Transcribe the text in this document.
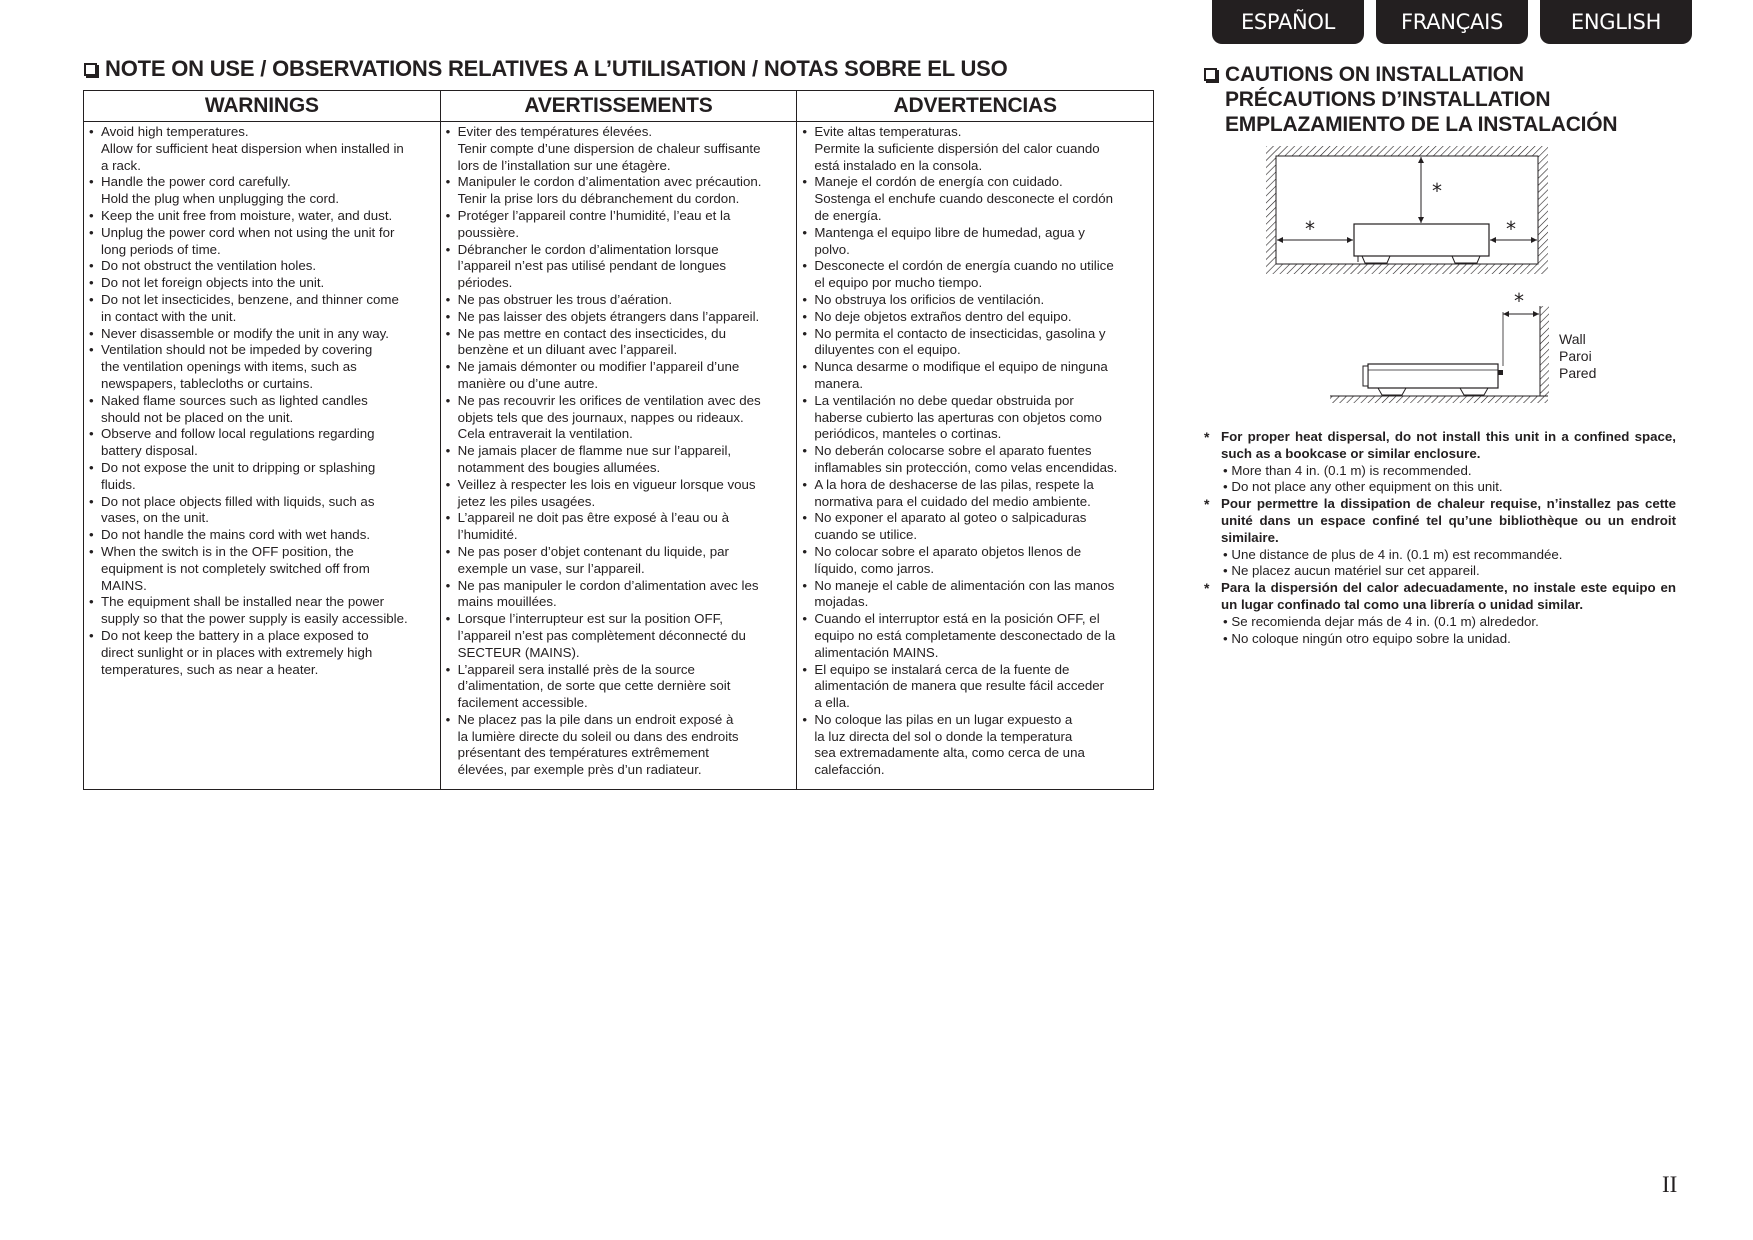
ESPAÑOL	FRANÇAIS	ENGLISH
NOTE ON USE / OBSERVATIONS RELATIVES A L’UTILISATION / NOTAS SOBRE EL USO
WARNINGS
• Avoid high temperatures.
Allow for sufficient heat dispersion when installed in
a rack.
• Handle the power cord carefully.
Hold the plug when unplugging the cord.
• Keep the unit free from moisture, water, and dust.
• Unplug the power cord when not using the unit for
long periods of time.
• Do not obstruct the ventilation holes.
• Do not let foreign objects into the unit.
• Do not let insecticides, benzene, and thinner come
in contact with the unit.
• Never disassemble or modify the unit in any way.
• Ventilation should not be impeded by covering
the ventilation openings with items, such as
newspapers, tablecloths or curtains.
• Naked flame sources such as lighted candles
should not be placed on the unit.
• Observe and follow local regulations regarding
battery disposal.
• Do not expose the unit to dripping or splashing
fluids.
• Do not place objects filled with liquids, such as
vases, on the unit.
• Do not handle the mains cord with wet hands.
• When the switch is in the OFF position, the
equipment is not completely switched off from
MAINS.
• The equipment shall be installed near the power
supply so that the power supply is easily accessible.
• Do not keep the battery in a place exposed to
direct sunlight or in places with extremely high
temperatures, such as near a heater.
AVERTISSEMENTS
• Eviter des températures élevées.
Tenir compte d’une dispersion de chaleur suffisante
lors de l’installation sur une étagère.
• Manipuler le cordon d’alimentation avec précaution.
Tenir la prise lors du débranchement du cordon.
• Protéger l’appareil contre l’humidité, l’eau et la
poussière.
• Débrancher le cordon d’alimentation lorsque
l’appareil n’est pas utilisé pendant de longues
périodes.
• Ne pas obstruer les trous d’aération.
• Ne pas laisser des objets étrangers dans l’appareil.
• Ne pas mettre en contact des insecticides, du
benzène et un diluant avec l’appareil.
• Ne jamais démonter ou modifier l’appareil d’une
manière ou d’une autre.
• Ne pas recouvrir les orifices de ventilation avec des
objets tels que des journaux, nappes ou rideaux.
Cela entraverait la ventilation.
• Ne jamais placer de flamme nue sur l’appareil,
notamment des bougies allumées.
• Veillez à respecter les lois en vigueur lorsque vous
jetez les piles usagées.
• L’appareil ne doit pas être exposé à l’eau ou à
l’humidité.
• Ne pas poser d’objet contenant du liquide, par
exemple un vase, sur l’appareil.
• Ne pas manipuler le cordon d’alimentation avec les
mains mouillées.
• Lorsque l’interrupteur est sur la position OFF,
l’appareil n’est pas complètement déconnecté du
SECTEUR (MAINS).
• L’appareil sera installé près de la source
d’alimentation, de sorte que cette dernière soit
facilement accessible.
• Ne placez pas la pile dans un endroit exposé à
la lumière directe du soleil ou dans des endroits
présentant des températures extrêmement
élevées, par exemple près d’un radiateur.
ADVERTENCIAS
• Evite altas temperaturas.
Permite la suficiente dispersión del calor cuando
está instalado en la consola.
• Maneje el cordón de energía con cuidado.
Sostenga el enchufe cuando desconecte el cordón
de energía.
• Mantenga el equipo libre de humedad, agua y
polvo.
• Desconecte el cordón de energía cuando no utilice
el equipo por mucho tiempo.
• No obstruya los orificios de ventilación.
• No deje objetos extraños dentro del equipo.
• No permita el contacto de insecticidas, gasolina y
diluyentes con el equipo.
• Nunca desarme o modifique el equipo de ninguna
manera.
• La ventilación no debe quedar obstruida por
haberse cubierto las aperturas con objetos como
periódicos, manteles o cortinas.
• No deberán colocarse sobre el aparato fuentes
inflamables sin protección, como velas encendidas.
• A la hora de deshacerse de las pilas, respete la
normativa para el cuidado del medio ambiente.
• No exponer el aparato al goteo o salpicaduras
cuando se utilice.
• No colocar sobre el aparato objetos llenos de
líquido, como jarros.
• No maneje el cable de alimentación con las manos
mojadas.
• Cuando el interruptor está en la posición OFF, el
equipo no está completamente desconectado de la
alimentación MAINS.
• El equipo se instalará cerca de la fuente de
alimentación de manera que resulte fácil acceder
a ella.
• No coloque las pilas en un lugar expuesto a
la luz directa del sol o donde la temperatura
sea extremadamente alta, como cerca de una
calefacción.
CAUTIONS ON INSTALLATION
PRÉCAUTIONS D’INSTALLATION
EMPLAZAMIENTO DE LA INSTALACIÓN
*
*	*
*
Wall
Paroi
Pared
* For proper heat dispersal, do not install this unit in a confined space, such as a bookcase or similar enclosure.
• More than 4 in. (0.1 m) is recommended.
• Do not place any other equipment on this unit.
* Pour permettre la dissipation de chaleur requise, n’installez pas cette unité dans un espace confiné tel qu’une bibliothèque ou un endroit similaire.
• Une distance de plus de 4 in. (0.1 m) est recommandée.
• Ne placez aucun matériel sur cet appareil.
* Para la dispersión del calor adecuadamente, no instale este equipo en un lugar confinado tal como una librería o unidad similar.
• Se recomienda dejar más de 4 in. (0.1 m) alrededor.
• No coloque ningún otro equipo sobre la unidad.
II
